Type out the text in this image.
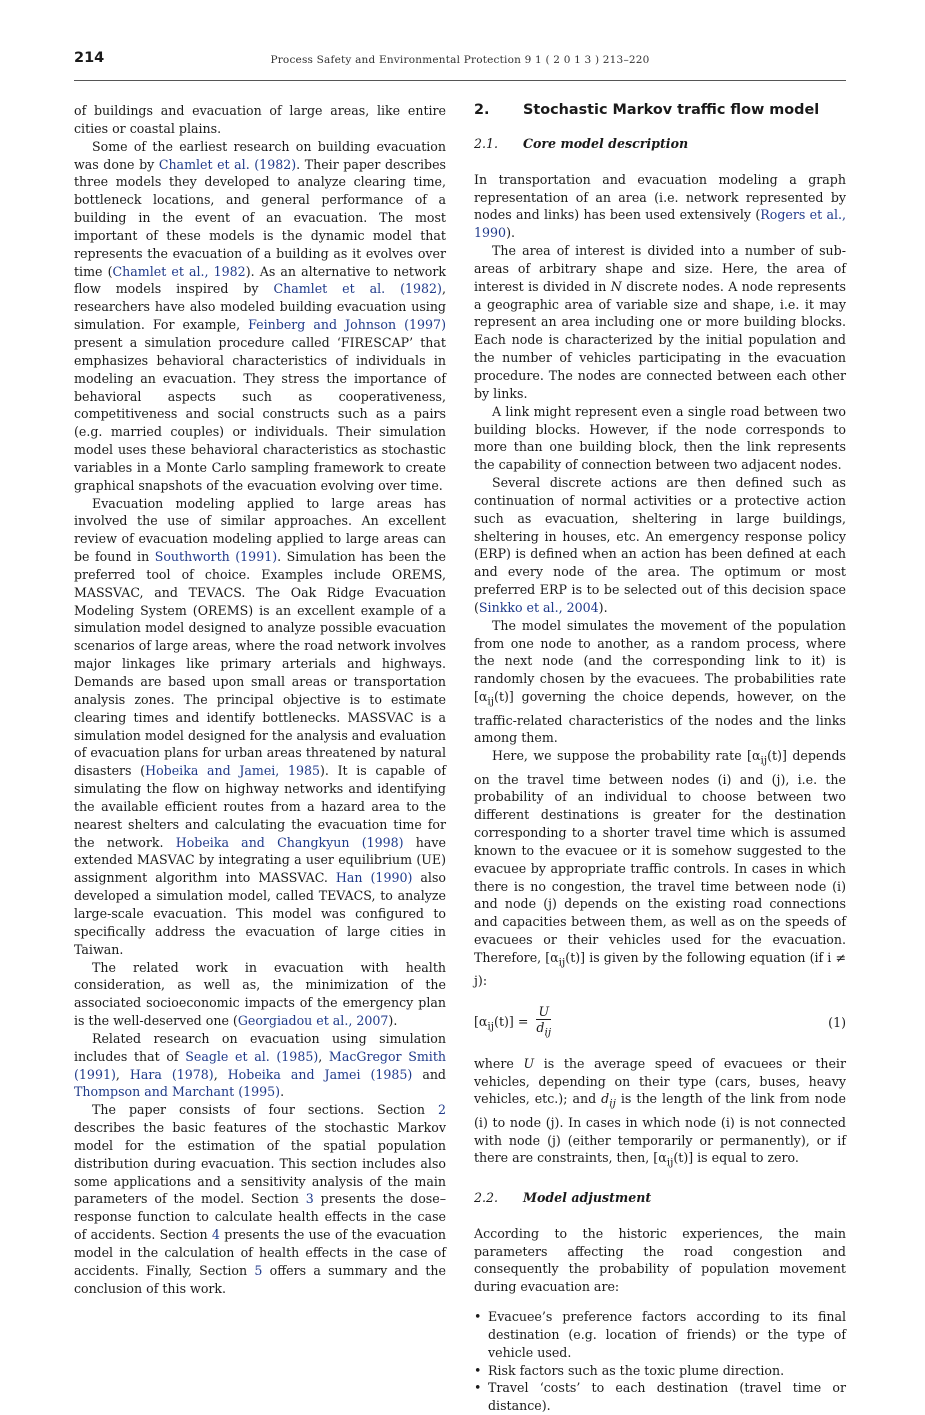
214	Process Safety and Environmental Protection 9 1 ( 2 0 1 3 ) 213–220

of buildings and evacuation of large areas, like entire cities or coastal plains.

Some of the earliest research on building evacuation was done by Chamlet et al. (1982). Their paper describes three models they developed to analyze clearing time, bottleneck locations, and general performance of a building in the event of an evacuation. The most important of these models is the dynamic model that represents the evacuation of a building as it evolves over time (Chamlet et al., 1982). As an alternative to network flow models inspired by Chamlet et al. (1982), researchers have also modeled building evacuation using simulation. For example, Feinberg and Johnson (1997) present a simulation procedure called ‘FIRESCAP’ that emphasizes behavioral characteristics of individuals in modeling an evacuation. They stress the importance of behavioral aspects such as cooperativeness, competitiveness and social constructs such as a pairs (e.g. married couples) or individuals. Their simulation model uses these behavioral characteristics as stochastic variables in a Monte Carlo sampling framework to create graphical snapshots of the evacuation evolving over time.

Evacuation modeling applied to large areas has involved the use of similar approaches. An excellent review of evacuation modeling applied to large areas can be found in Southworth (1991). Simulation has been the preferred tool of choice. Examples include OREMS, MASSVAC, and TEVACS. The Oak Ridge Evacuation Modeling System (OREMS) is an excellent example of a simulation model designed to analyze possible evacuation scenarios of large areas, where the road network involves major linkages like primary arterials and highways. Demands are based upon small areas or transportation analysis zones. The principal objective is to estimate clearing times and identify bottlenecks. MASSVAC is a simulation model designed for the analysis and evaluation of evacuation plans for urban areas threatened by natural disasters (Hobeika and Jamei, 1985). It is capable of simulating the flow on highway networks and identifying the available efficient routes from a hazard area to the nearest shelters and calculating the evacuation time for the network. Hobeika and Changkyun (1998) have extended MASVAC by integrating a user equilibrium (UE) assignment algorithm into MASSVAC. Han (1990) also developed a simulation model, called TEVACS, to analyze large-scale evacuation. This model was configured to specifically address the evacuation of large cities in Taiwan.

The related work in evacuation with health consideration, as well as, the minimization of the associated socioeconomic impacts of the emergency plan is the well-deserved one (Georgiadou et al., 2007).

Related research on evacuation using simulation includes that of Seagle et al. (1985), MacGregor Smith (1991), Hara (1978), Hobeika and Jamei (1985) and Thompson and Marchant (1995).

The paper consists of four sections. Section 2 describes the basic features of the stochastic Markov model for the estimation of the spatial population distribution during evacuation. This section includes also some applications and a sensitivity analysis of the main parameters of the model. Section 3 presents the dose–response function to calculate health effects in the case of accidents. Section 4 presents the use of the evacuation model in the calculation of health effects in the case of accidents. Finally, Section 5 offers a summary and the conclusion of this work.

2.	Stochastic Markov traffic flow model
2.1.	Core model description

In transportation and evacuation modeling a graph representation of an area (i.e. network represented by nodes and links) has been used extensively (Rogers et al., 1990).

The area of interest is divided into a number of sub-areas of arbitrary shape and size. Here, the area of interest is divided in N discrete nodes. A node represents a geographic area of variable size and shape, i.e. it may represent an area including one or more building blocks. Each node is characterized by the initial population and the number of vehicles participating in the evacuation procedure. The nodes are connected between each other by links.

A link might represent even a single road between two building blocks. However, if the node corresponds to more than one building block, then the link represents the capability of connection between two adjacent nodes.

Several discrete actions are then defined such as continuation of normal activities or a protective action such as evacuation, sheltering in large buildings, sheltering in houses, etc. An emergency response policy (ERP) is defined when an action has been defined at each and every node of the area. The optimum or most preferred ERP is to be selected out of this decision space (Sinkko et al., 2004).

The model simulates the movement of the population from one node to another, as a random process, where the next node (and the corresponding link to it) is randomly chosen by the evacuees. The probabilities rate $[\alpha_{ij}(t)]$ governing the choice depends, however, on the traffic-related characteristics of the nodes and the links among them.

Here, we suppose the probability rate $[\alpha_{ij}(t)]$ depends on the travel time between nodes (i) and (j), i.e. the probability of an individual to choose between two different destinations is greater for the destination corresponding to a shorter travel time which is assumed known to the evacuee or it is somehow suggested to the evacuee by appropriate traffic controls. In cases in which there is no congestion, the travel time between node (i) and node (j) depends on the existing road connections and capacities between them, as well as on the speeds of evacuees or their vehicles used for the evacuation. Therefore, $[\alpha_{ij}(t)]$ is given by the following equation (if i ≠ j):

$[\alpha_{ij}(t)] = \frac{U}{d_{ij}}$	(1)

where U is the average speed of evacuees or their vehicles, depending on their type (cars, buses, heavy vehicles, etc.); and $d_{ij}$ is the length of the link from node (i) to node (j). In cases in which node (i) is not connected with node (j) (either temporarily or permanently), or if there are constraints, then, $[\alpha_{ij}(t)]$ is equal to zero.

2.2.	Model adjustment

According to the historic experiences, the main parameters affecting the road congestion and consequently the probability of population movement during evacuation are:

• Evacuee’s preference factors according to its final destination (e.g. location of friends) or the type of vehicle used.
• Risk factors such as the toxic plume direction.
• Travel ‘costs’ to each destination (travel time or distance).
